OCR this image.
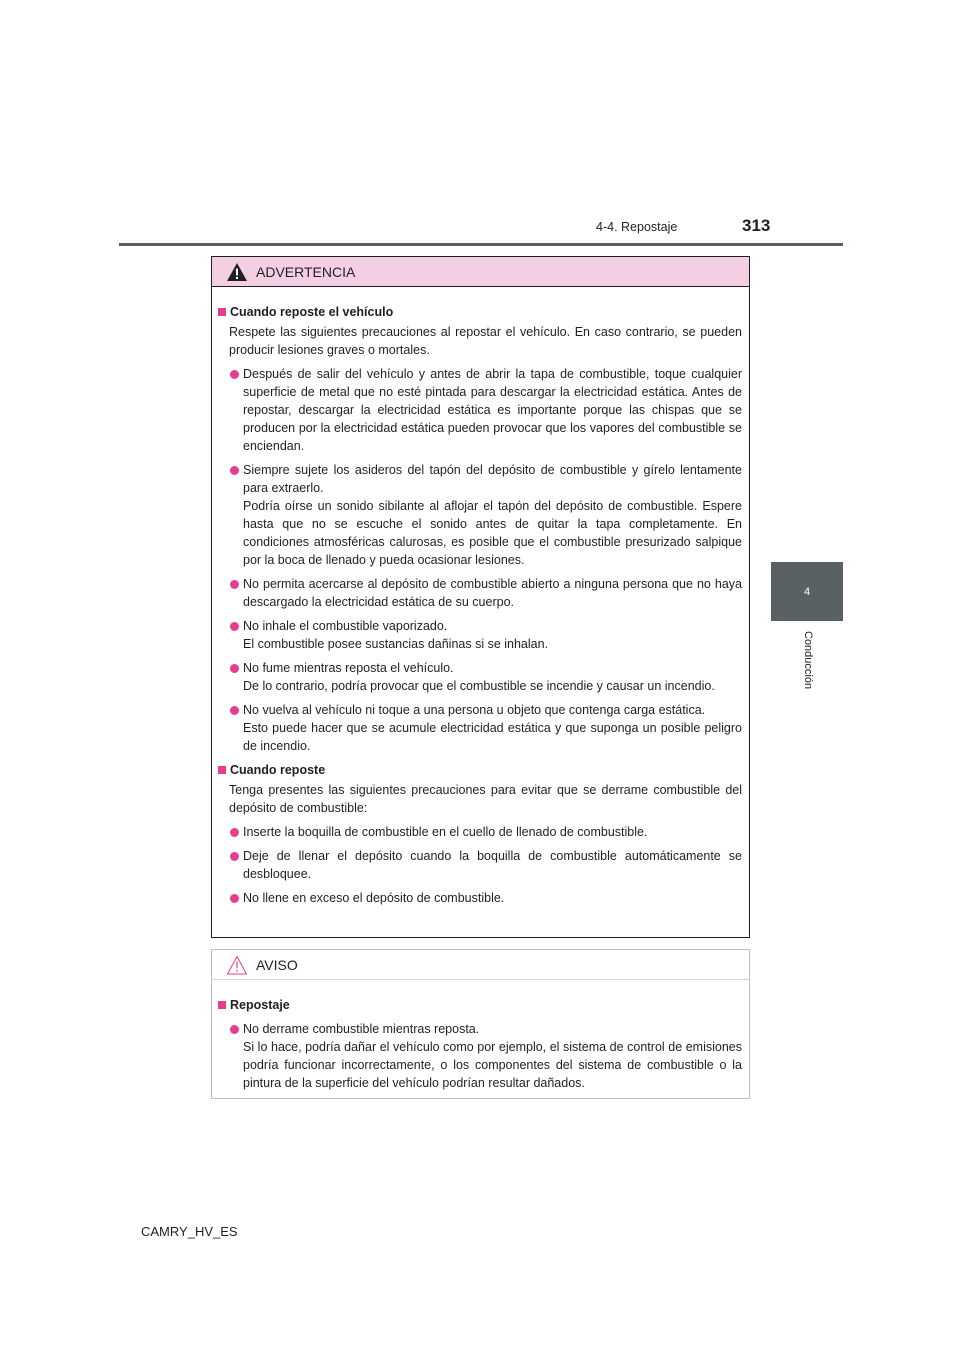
4-4. Repostaje	313
4
Conducción
ADVERTENCIA
Cuando reposte el vehículo
Respete las siguientes precauciones al repostar el vehículo. En caso contrario, se pueden producir lesiones graves o mortales.
Después de salir del vehículo y antes de abrir la tapa de combustible, toque cualquier superficie de metal que no esté pintada para descargar la electricidad estática. Antes de repostar, descargar la electricidad estática es importante porque las chispas que se producen por la electricidad estática pueden provocar que los vapores del combustible se enciendan.
Siempre sujete los asideros del tapón del depósito de combustible y gírelo lentamente para extraerlo.
Podría oírse un sonido sibilante al aflojar el tapón del depósito de combustible. Espere hasta que no se escuche el sonido antes de quitar la tapa completamente. En condiciones atmosféricas calurosas, es posible que el combustible presurizado salpique por la boca de llenado y pueda ocasionar lesiones.
No permita acercarse al depósito de combustible abierto a ninguna persona que no haya descargado la electricidad estática de su cuerpo.
No inhale el combustible vaporizado.
El combustible posee sustancias dañinas si se inhalan.
No fume mientras reposta el vehículo.
De lo contrario, podría provocar que el combustible se incendie y causar un incendio.
No vuelva al vehículo ni toque a una persona u objeto que contenga carga estática.
Esto puede hacer que se acumule electricidad estática y que suponga un posible peligro de incendio.
Cuando reposte
Tenga presentes las siguientes precauciones para evitar que se derrame combustible del depósito de combustible:
Inserte la boquilla de combustible en el cuello de llenado de combustible.
Deje de llenar el depósito cuando la boquilla de combustible automáticamente se desbloquee.
No llene en exceso el depósito de combustible.
AVISO
Repostaje
No derrame combustible mientras reposta.
Si lo hace, podría dañar el vehículo como por ejemplo, el sistema de control de emisiones podría funcionar incorrectamente, o los componentes del sistema de combustible o la pintura de la superficie del vehículo podrían resultar dañados.
CAMRY_HV_ES
